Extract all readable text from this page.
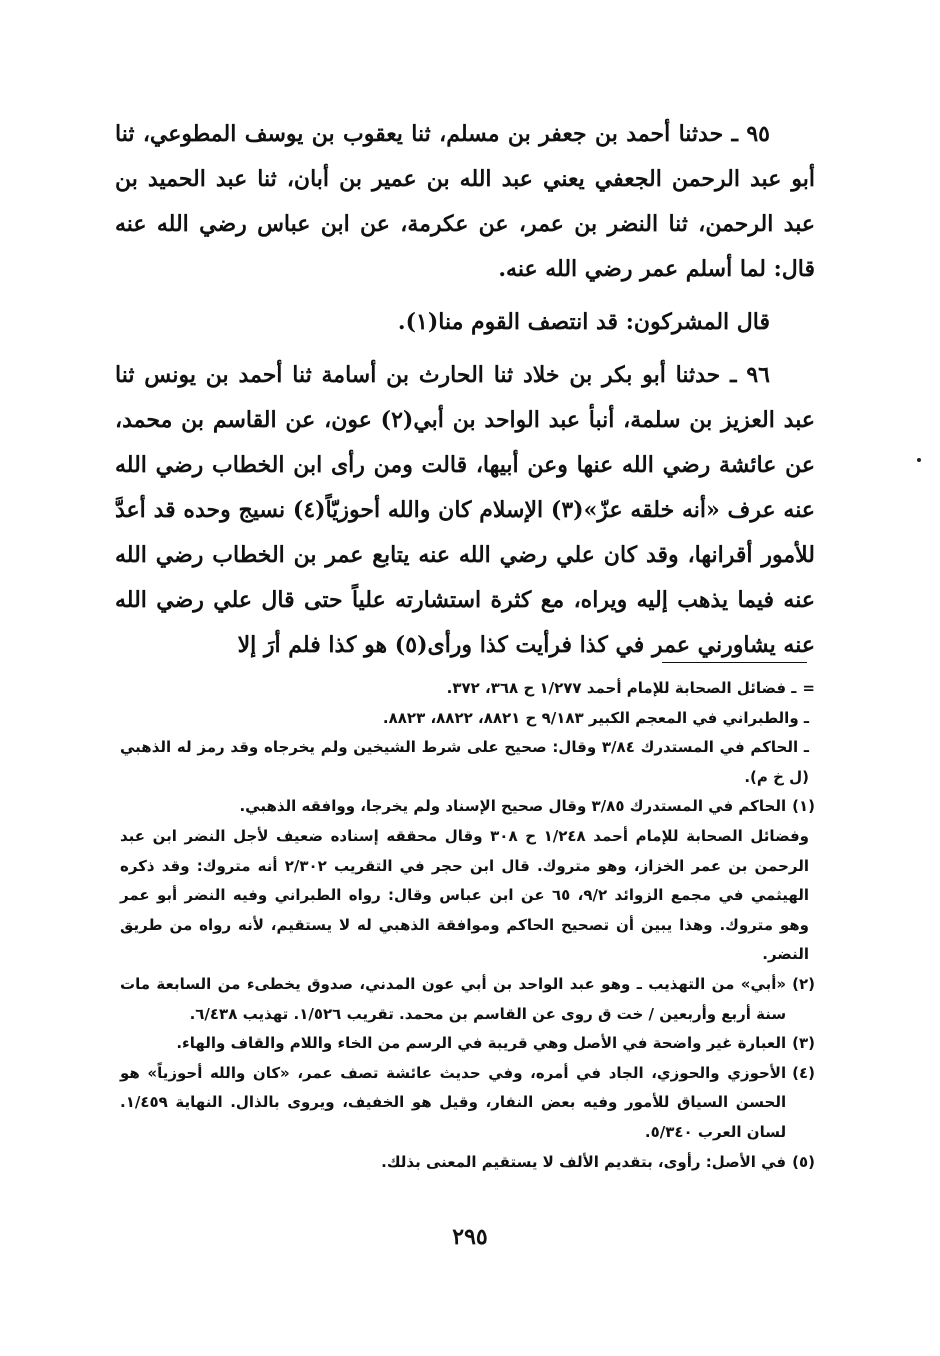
٩٥ ـ حدثنا أحمد بن جعفر بن مسلم، ثنا يعقوب بن يوسف المطوعي، ثنا أبو عبد الرحمن الجعفي يعني عبد الله بن عمير بن أبان، ثنا عبد الحميد بن عبد الرحمن، ثنا النضر بن عمر، عن عكرمة، عن ابن عباس رضي الله عنه قال: لما أسلم عمر رضي الله عنه.

قال المشركون: قد انتصف القوم منا(١).

٩٦ ـ حدثنا أبو بكر بن خلاد ثنا الحارث بن أسامة ثنا أحمد بن يونس ثنا عبد العزيز بن سلمة، أنبأ عبد الواحد بن أبي(٢) عون، عن القاسم بن محمد، عن عائشة رضي الله عنها وعن أبيها، قالت ومن رأى ابن الخطاب رضي الله عنه عرف «أنه خلقه عزّ»(٣) الإسلام كان والله أحوزيّاً(٤) نسيج وحده قد أعدَّ للأمور أقرانها، وقد كان علي رضي الله عنه يتابع عمر بن الخطاب رضي الله عنه فيما يذهب إليه ويراه، مع كثرة استشارته علياً حتى قال علي رضي الله عنه يشاورني عمر في كذا فرأيت كذا ورأى(٥) هو كذا فلم أرَ إلا

=
ـ فضائل الصحابة للإمام أحمد ١/٢٧٧ ح ٣٦٨، ٣٧٢.
ـ والطبراني في المعجم الكبير ٩/١٨٣ ح ٨٨٢١، ٨٨٢٢، ٨٨٢٣.
ـ الحاكم في المستدرك ٣/٨٤ وقال: صحيح على شرط الشيخين ولم يخرجاه وقد رمز له الذهبي (ل خ م).
(١)
الحاكم في المستدرك ٣/٨٥ وقال صحيح الإسناد ولم يخرجا، ووافقه الذهبي.
وفضائل الصحابة للإمام أحمد ١/٢٤٨ ح ٣٠٨ وقال محققه إسناده ضعيف لأجل النضر ابن عبد الرحمن بن عمر الخزاز، وهو متروك. قال ابن حجر في التقريب ٢/٣٠٢ أنه متروك: وقد ذكره الهيثمي في مجمع الزوائد ٩/٢، ٦٥ عن ابن عباس وقال: رواه الطبراني وفيه النضر أبو عمر وهو متروك. وهذا يبين أن تصحيح الحاكم وموافقة الذهبي له لا يستقيم، لأنه رواه من طريق النضر.
(٢)
«أبي» من التهذيب ـ وهو عبد الواحد بن أبي عون المدني، صدوق يخطىء من السابعة مات سنة أربع وأربعين / خت ق روى عن القاسم بن محمد. تقريب ١/٥٢٦. تهذيب ٦/٤٣٨.
(٣)
العبارة غير واضحة في الأصل وهي قريبة في الرسم من الخاء واللام والقاف والهاء.
(٤)
الأحوزي والحوزي، الجاد في أمره، وفي حديث عائشة تصف عمر، «كان والله أحوزياً» هو الحسن السياق للأمور وفيه بعض النفار، وقيل هو الخفيف، ويروى بالذال. النهاية ١/٤٥٩. لسان العرب ٥/٣٤٠.
(٥)
في الأصل: رأوى، بتقديم الألف لا يستقيم المعنى بذلك.
٢٩٥
